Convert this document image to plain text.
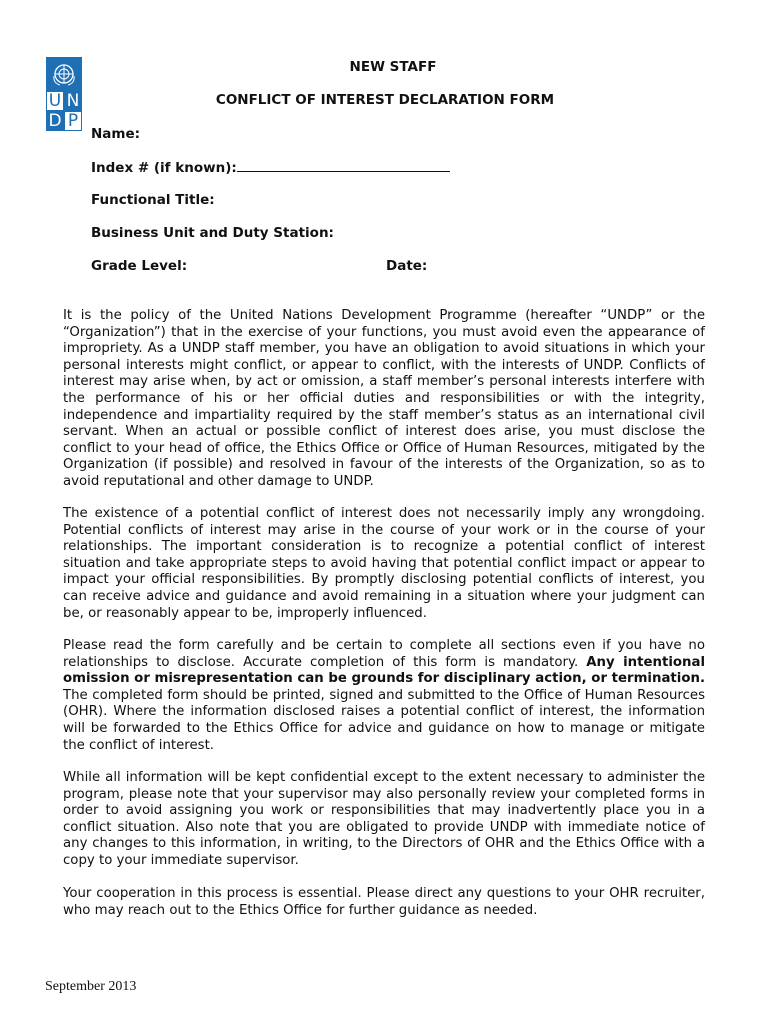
U N
D P
NEW STAFF
CONFLICT OF INTEREST DECLARATION FORM
Name:
Index # (if known):
Functional Title:
Business Unit and Duty Station:
Grade Level:	Date:

It is the policy of the United Nations Development Programme (hereafter “UNDP” or the “Organization”) that in the exercise of your functions, you must avoid even the appearance of impropriety. As a UNDP staff member, you have an obligation to avoid situations in which your personal interests might conflict, or appear to conflict, with the interests of UNDP. Conflicts of interest may arise when, by act or omission, a staff member’s personal interests interfere with the performance of his or her official duties and responsibilities or with the integrity, independence and impartiality required by the staff member’s status as an international civil servant. When an actual or possible conflict of interest does arise, you must disclose the conflict to your head of office, the Ethics Office or Office of Human Resources, mitigated by the Organization (if possible) and resolved in favour of the interests of the Organization, so as to avoid reputational and other damage to UNDP.

The existence of a potential conflict of interest does not necessarily imply any wrongdoing. Potential conflicts of interest may arise in the course of your work or in the course of your relationships. The important consideration is to recognize a potential conflict of interest situation and take appropriate steps to avoid having that potential conflict impact or appear to impact your official responsibilities. By promptly disclosing potential conflicts of interest, you can receive advice and guidance and avoid remaining in a situation where your judgment can be, or reasonably appear to be, improperly influenced.

Please read the form carefully and be certain to complete all sections even if you have no relationships to disclose. Accurate completion of this form is mandatory. Any intentional omission or misrepresentation can be grounds for disciplinary action, or termination. The completed form should be printed, signed and submitted to the Office of Human Resources (OHR). Where the information disclosed raises a potential conflict of interest, the information will be forwarded to the Ethics Office for advice and guidance on how to manage or mitigate the conflict of interest.

While all information will be kept confidential except to the extent necessary to administer the program, please note that your supervisor may also personally review your completed forms in order to avoid assigning you work or responsibilities that may inadvertently place you in a conflict situation. Also note that you are obligated to provide UNDP with immediate notice of any changes to this information, in writing, to the Directors of OHR and the Ethics Office with a copy to your immediate supervisor.

Your cooperation in this process is essential. Please direct any questions to your OHR recruiter, who may reach out to the Ethics Office for further guidance as needed.

September 2013
